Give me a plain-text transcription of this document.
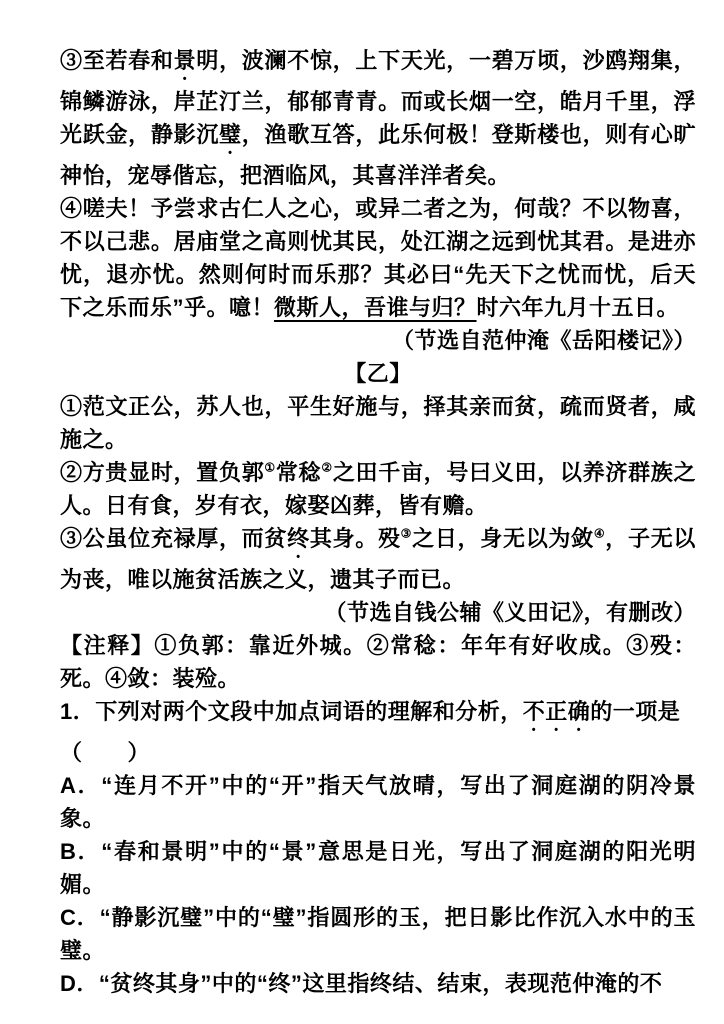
③至若春和景明，波澜不惊，上下天光，一碧万顷，沙鸥翔集，锦鳞游泳，岸芷汀兰，郁郁青青。而或长烟一空，皓月千里，浮光跃金，静影沉璧，渔歌互答，此乐何极！登斯楼也，则有心旷神怡，宠辱偕忘，把酒临风，其喜洋洋者矣。

④嗟夫！予尝求古仁人之心，或异二者之为，何哉？不以物喜，不以己悲。居庙堂之高则忧其民，处江湖之远到忧其君。是进亦忧，退亦忧。然则何时而乐那？其必曰“先天下之忧而忧，后天下之乐而乐”乎。噫！微斯人，吾谁与归？时六年九月十五日。

（节选自范仲淹《岳阳楼记》）

【乙】

①范文正公，苏人也，平生好施与，择其亲而贫，疏而贤者，咸施之。

②方贵显时，置负郭①常稔②之田千亩，号曰义田，以养济群族之人。日有食，岁有衣，嫁娶凶葬，皆有赡。

③公虽位充禄厚，而贫终其身。殁③之日，身无以为敛④，子无以为丧，唯以施贫活族之义，遗其子而已。

（节选自钱公辅《义田记》，有删改）

【注释】①负郭：靠近外城。②常稔：年年有好收成。③殁：死。④敛：装殓。

1．下列对两个文段中加点词语的理解和分析，不正确的一项是

（　　）

A．“连月不开”中的“开”指天气放晴，写出了洞庭湖的阴冷景象。

B．“春和景明”中的“景”意思是日光，写出了洞庭湖的阳光明媚。

C．“静影沉璧”中的“璧”指圆形的玉，把日影比作沉入水中的玉璧。

D．“贫终其身”中的“终”这里指终结、结束，表现范仲淹的不
